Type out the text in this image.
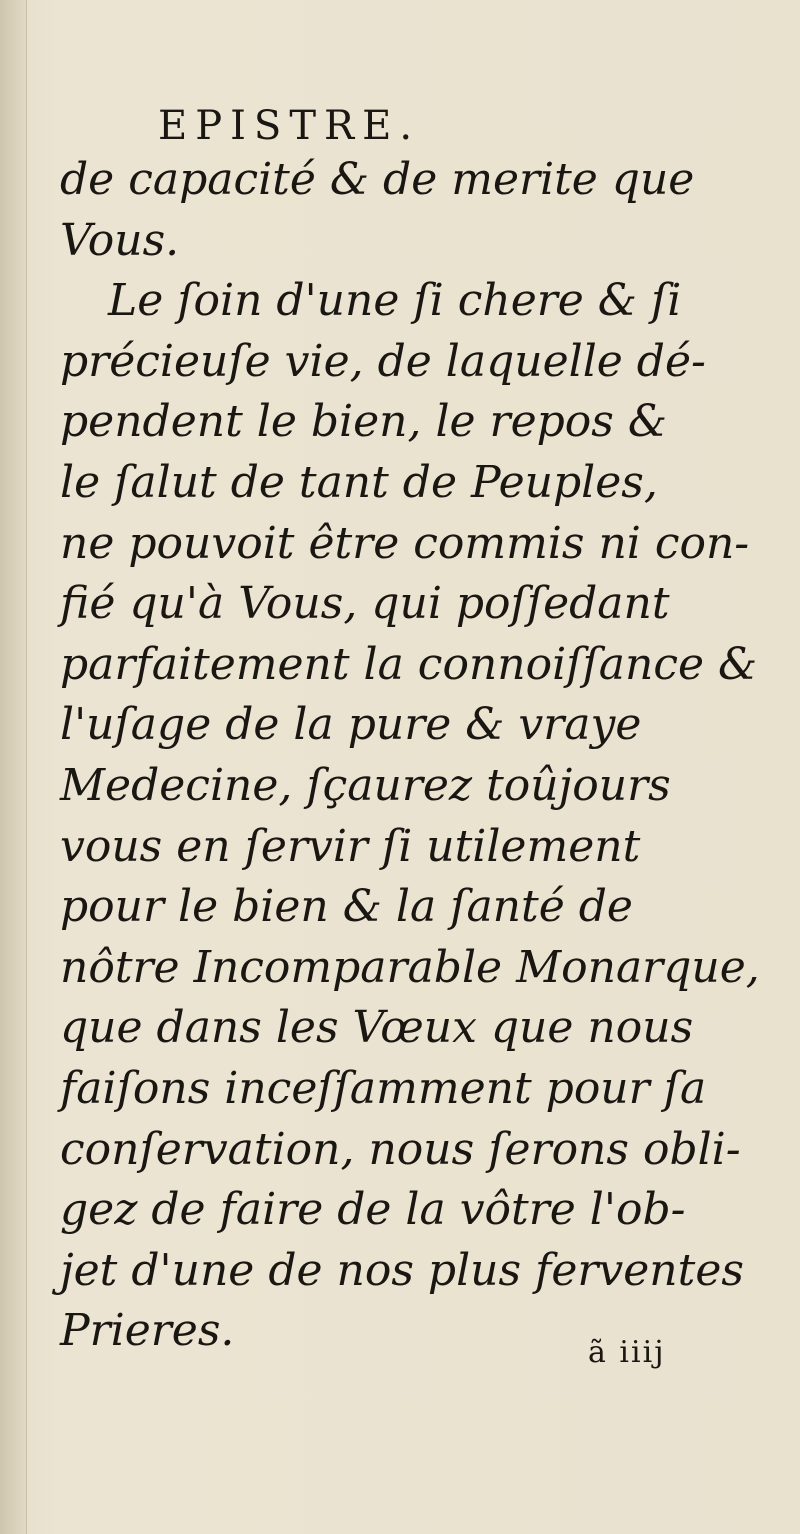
EPISTRE.
de capacité & de merite que
Vous.
Le ſoin d'une ſi chere & ſi
précieuſe vie, de laquelle dé-
pendent le bien, le repos &
le ſalut de tant de Peuples,
ne pouvoit être commis ni con-
fié qu'à Vous, qui poſſedant
parfaitement la connoiſſance &
l'uſage de la pure & vraye
Medecine, ſçaurez toûjours
vous en ſervir ſi utilement
pour le bien & la ſanté de
nôtre Incomparable Monarque,
que dans les Vœux que nous
faiſons inceſſamment pour ſa
conſervation, nous ſerons obli-
gez de faire de la vôtre l'ob-
jet d'une de nos plus ferventes
Prieres.	ã iiij
